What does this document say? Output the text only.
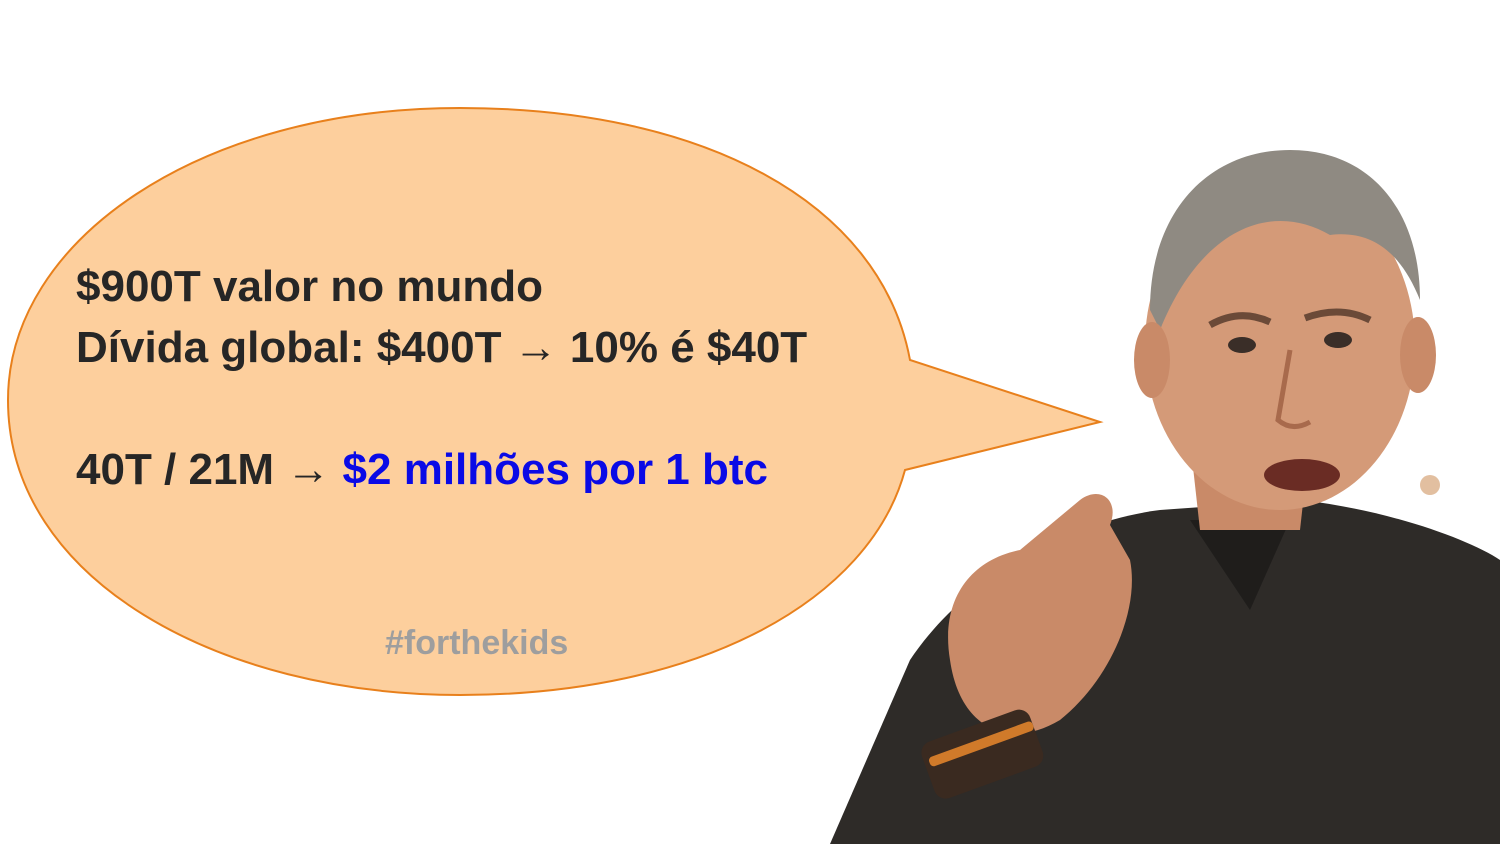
$900T valor no mundo
Dívida global: $400T → 10% é $40T
40T / 21M → $2 milhões por 1 btc
#forthekids
